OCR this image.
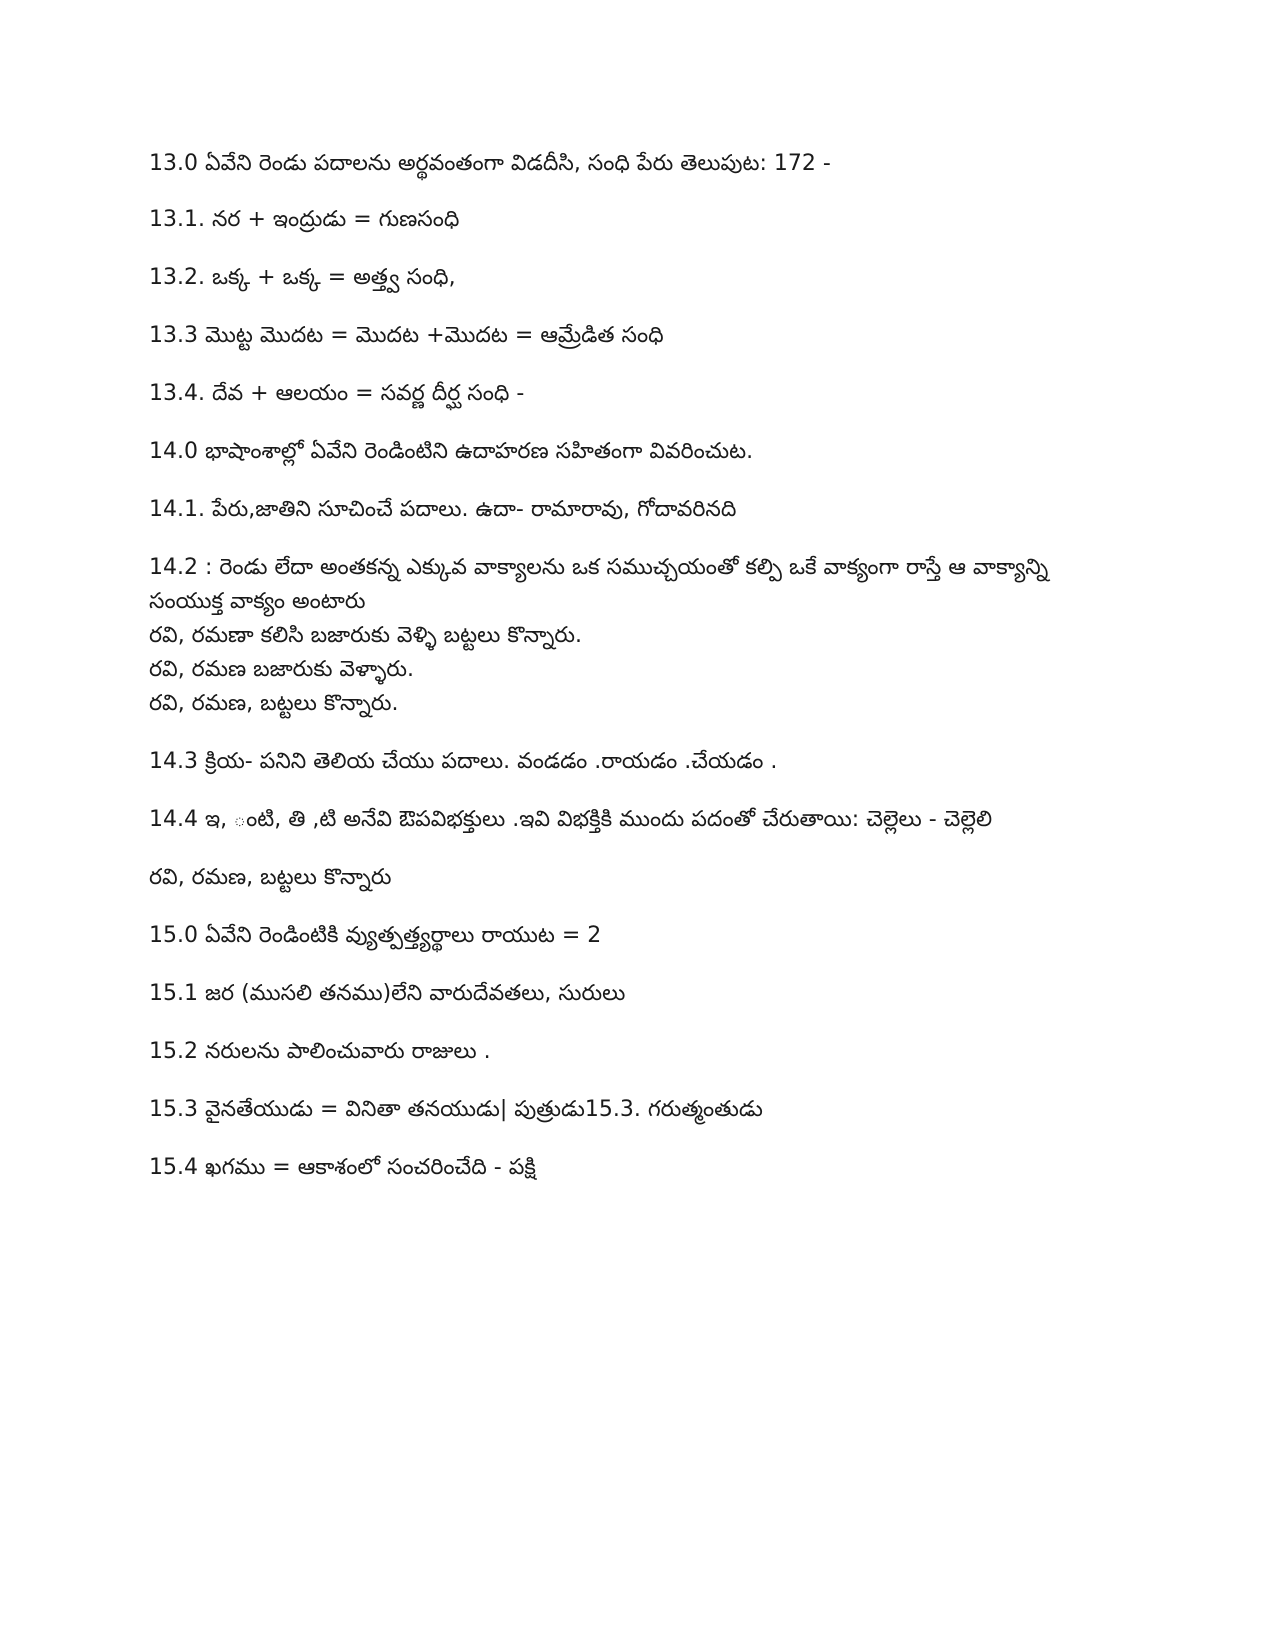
13.0 ఏవేని రెండు పదాలను అర్థవంతంగా విడదీసి, సంధి పేరు తెలుపుట: 172 -
13.1. నర + ఇంద్రుడు = గుణసంధి
13.2. ఒక్క + ఒక్క = అత్త్వ సంధి,
13.3 మొట్ట మొదట = మొదట +మొదట = ఆమ్రేడిత సంధి
13.4. దేవ + ఆలయం = సవర్ణ దీర్ఘ సంధి -
14.0 భాషాంశాల్లో ఏవేని రెండింటిని ఉదాహరణ సహితంగా వివరించుట.
14.1. పేరు,జాతిని సూచించే పదాలు. ఉదా- రామారావు, గోదావరినది
14.2 : రెండు లేదా అంతకన్న ఎక్కువ వాక్యాలను ఒక సముచ్చయంతో కల్పి ఒకే వాక్యంగా రాస్తే ఆ వాక్యాన్ని
సంయుక్త వాక్యం అంటారు
రవి, రమణా కలిసి బజారుకు వెళ్ళి బట్టలు కొన్నారు.
రవి, రమణ బజారుకు వెళ్ళారు.
రవి, రమణ, బట్టలు కొన్నారు.
14.3 క్రియ- పనిని తెలియ చేయు పదాలు. వండడం .రాయడం .చేయడం .
14.4 ఇ, ంటి, తి ,టి అనేవి ఔపవిభక్తులు .ఇవి విభక్తికి ముందు పదంతో చేరుతాయి: చెల్లెలు - చెల్లెలి
రవి, రమణ, బట్టలు కొన్నారు
15.0 ఏవేని రెండింటికి వ్యుత్పత్త్యర్థాలు రాయుట = 2
15.1 జర (ముసలి తనము)లేని వారుదేవతలు, సురులు
15.2 నరులను పాలించువారు రాజులు .
15.3 వైనతేయుడు = వినితా తనయుడు| పుత్రుడు15.3. గరుత్మంతుడు
15.4 ఖగము = ఆకాశంలో సంచరించేది - పక్షి
